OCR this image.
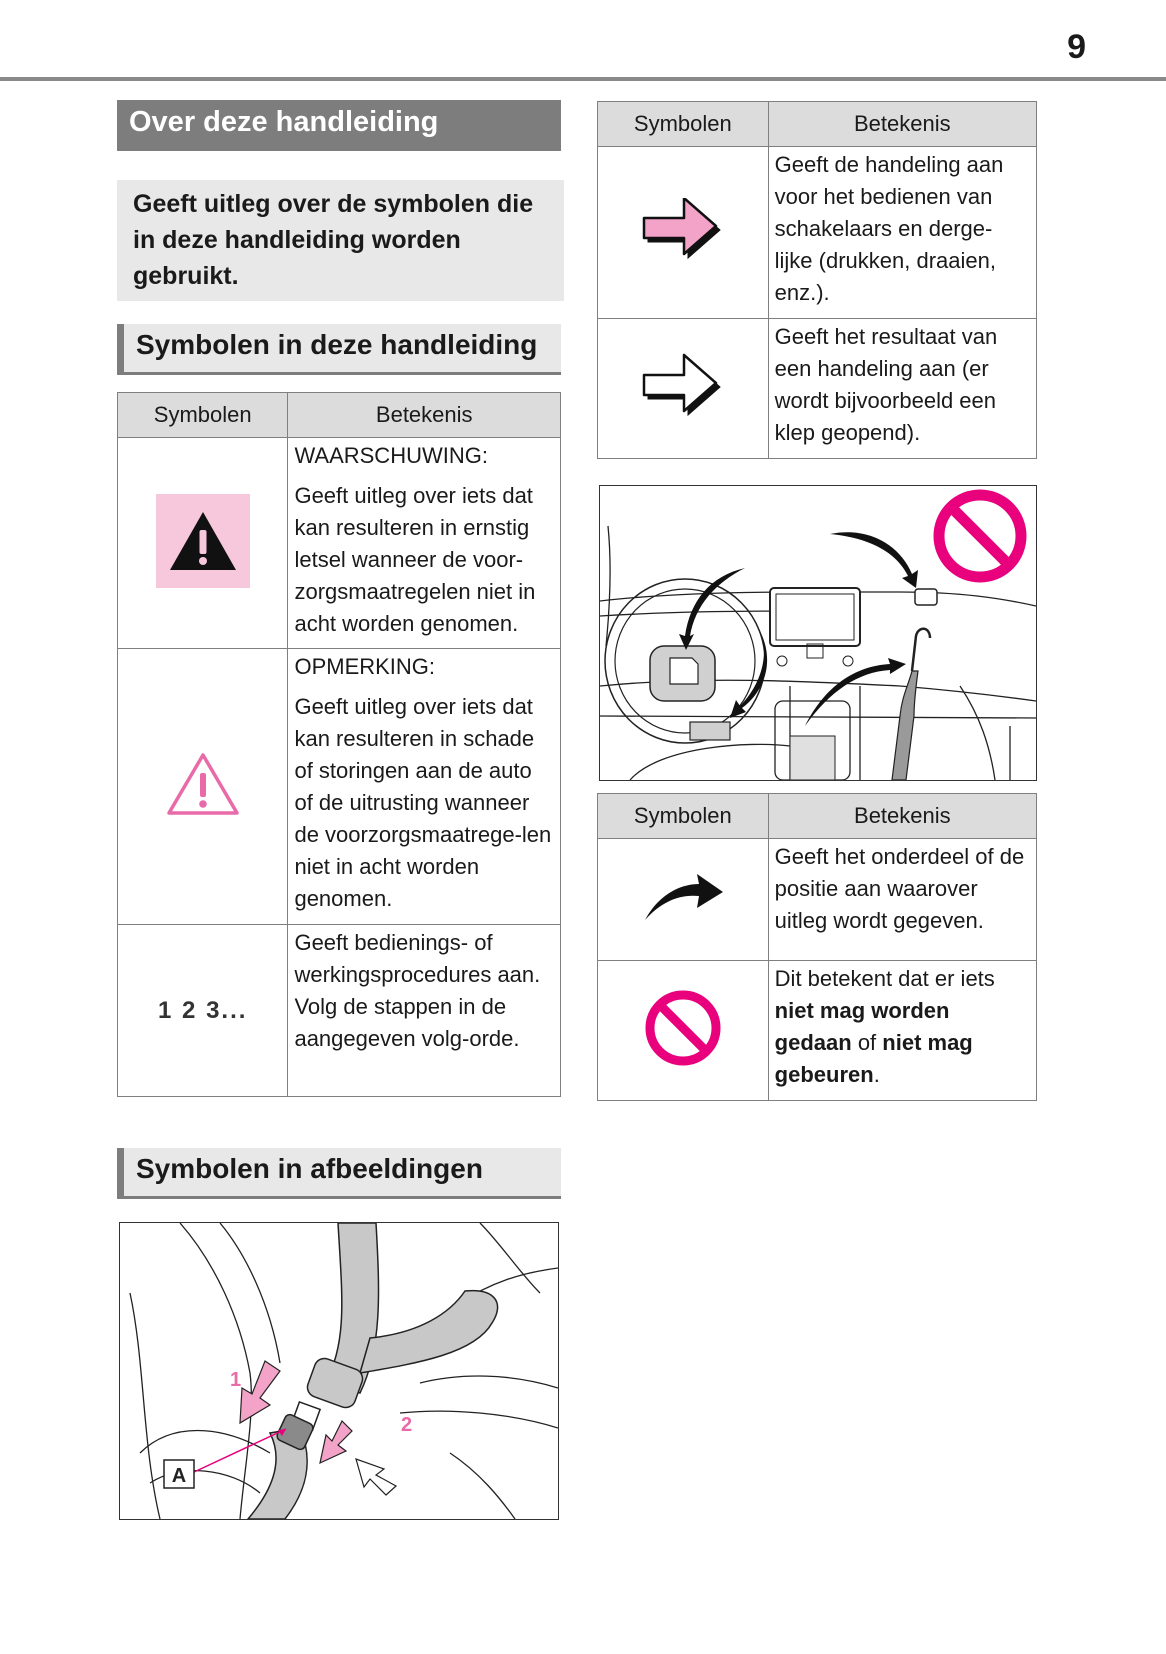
9
Over deze handleiding
Geeft uitleg over de symbolen die in deze handleiding worden gebruikt.
Symbolen in deze handleiding
Symbolen	Betekenis

WAARSCHUWING:
Geeft uitleg over iets dat kan resulteren in ernstig letsel wanneer de voor-zorgsmaatregelen niet in acht worden genomen.

OPMERKING:
Geeft uitleg over iets dat kan resulteren in schade of storingen aan de auto of de uitrusting wanneer de voorzorgsmaatrege-len niet in acht worden genomen.
1 2 3...	Geeft bedienings- of werkingsprocedures aan. Volg de stappen in de aangegeven volg-orde.
Symbolen in afbeeldingen
1
2
A
Symbolen	Betekenis
	Geeft de handeling aan voor het bedienen van schakelaars en derge-lijke (drukken, draaien, enz.).
	Geeft het resultaat van een handeling aan (er wordt bijvoorbeeld een klep geopend).
Symbolen	Betekenis
	Geeft het onderdeel of de positie aan waarover uitleg wordt gegeven.
	Dit betekent dat er iets niet mag worden gedaan of niet mag gebeuren.
